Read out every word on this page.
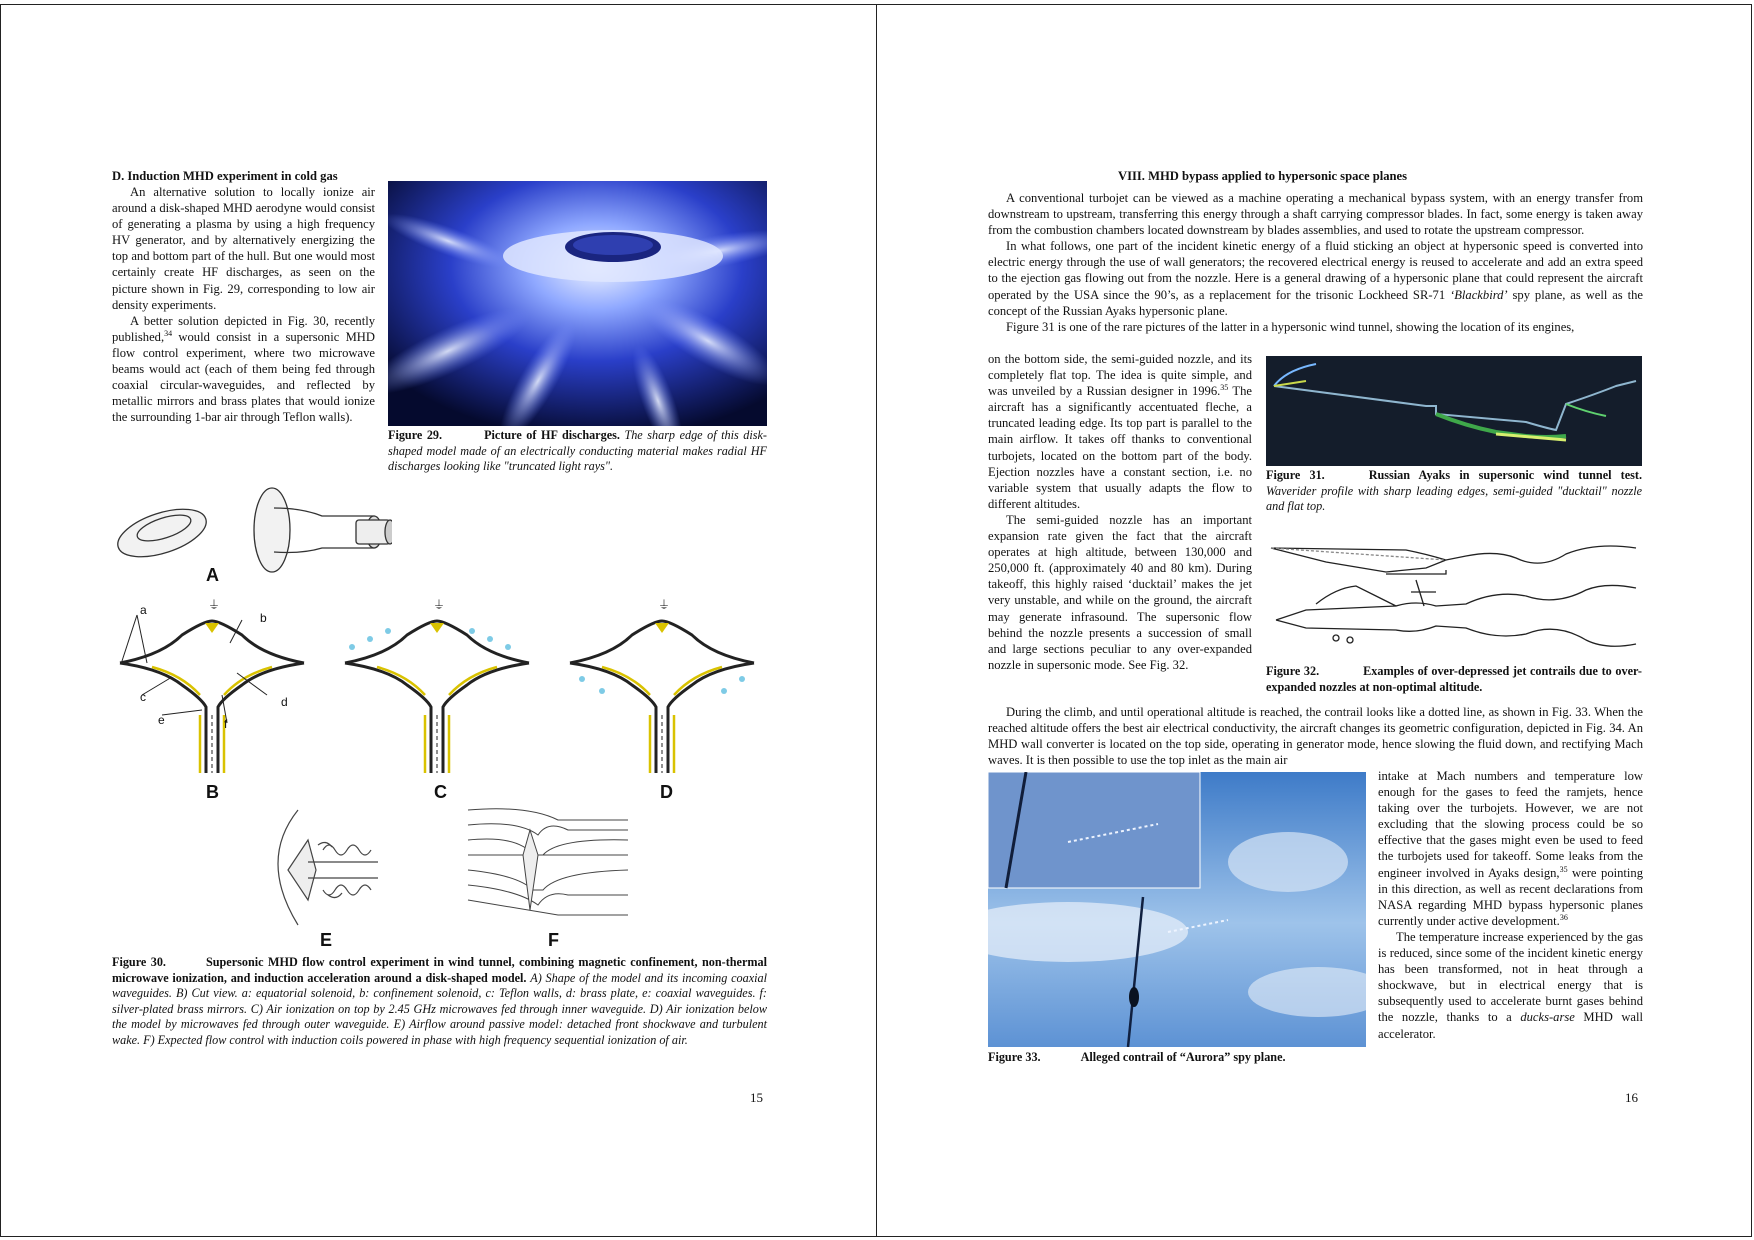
D. Induction MHD experiment in cold gas

An alternative solution to locally ionize air around a disk-shaped MHD aerodyne would consist of generating a plasma by using a high frequency HV generator, and by alternatively energizing the top and bottom part of the hull. But one would most certainly create HF discharges, as seen on the picture shown in Fig. 29, corresponding to low air density experiments.

A better solution depicted in Fig. 30, recently published,$^{34}$ would consist in a supersonic MHD flow control experiment, where two microwave beams would act (each of them being fed through coaxial circular-waveguides, and reflected by metallic mirrors and brass plates that would ionize the surrounding 1-bar air through Teflon walls).

Figure 29.	Picture of HF discharges. The sharp edge of this disk-shaped model made of an electrically conducting material makes radial HF discharges looking like "truncated light rays".

A
⏚
a
b
c	d
e	f
B	C	D
E	F

Figure 30.	Supersonic MHD flow control experiment in wind tunnel, combining magnetic confinement, non-thermal microwave ionization, and induction acceleration around a disk-shaped model. A) Shape of the model and its incoming coaxial waveguides. B) Cut view. a: equatorial solenoid, b: confinement solenoid, c: Teflon walls, d: brass plate, e: coaxial waveguides. f: silver-plated brass mirrors. C) Air ionization on top by 2.45 GHz microwaves fed through inner waveguide. D) Air ionization below the model by microwaves fed through outer waveguide. E) Airflow around passive model: detached front shockwave and turbulent wake. F) Expected flow control with induction coils powered in phase with high frequency sequential ionization of air.

15
VIII. MHD bypass applied to hypersonic space planes

A conventional turbojet can be viewed as a machine operating a mechanical bypass system, with an energy transfer from downstream to upstream, transferring this energy through a shaft carrying compressor blades. In fact, some energy is taken away from the combustion chambers located downstream by blades assemblies, and used to rotate the upstream compressor.

In what follows, one part of the incident kinetic energy of a fluid sticking an object at hypersonic speed is converted into electric energy through the use of wall generators; the recovered electrical energy is reused to accelerate and add an extra speed to the ejection gas flowing out from the nozzle. Here is a general drawing of a hypersonic plane that could represent the aircraft operated by the USA since the 90’s, as a replacement for the trisonic Lockheed SR-71 ‘Blackbird’ spy plane, as well as the concept of the Russian Ayaks hypersonic plane.

Figure 31 is one of the rare pictures of the latter in a hypersonic wind tunnel, showing the location of its engines,

on the bottom side, the semi-guided nozzle, and its completely flat top. The idea is quite simple, and was unveiled by a Russian designer in 1996.35 The aircraft has a significantly accentuated fleche, a truncated leading edge. Its top part is parallel to the main airflow. It takes off thanks to conventional turbojets, located on the bottom part of the body. Ejection nozzles have a constant section, i.e. no variable system that usually adapts the flow to different altitudes.

The semi-guided nozzle has an important expansion rate given the fact that the aircraft operates at high altitude, between 130,000 and 250,000 ft. (approximately 40 and 80 km). During takeoff, this highly raised ‘ducktail’ makes the jet very unstable, and while on the ground, the aircraft may generate infrasound. The supersonic flow behind the nozzle presents a succession of small and large sections peculiar to any over-expanded nozzle in supersonic mode. See Fig. 32.

Figure 31.	Russian Ayaks in supersonic wind tunnel test. Waverider profile with sharp leading edges, semi-guided "ducktail" nozzle and flat top.

Figure 32.	Examples of over-depressed jet contrails due to over-expanded nozzles at non-optimal altitude.

During the climb, and until operational altitude is reached, the contrail looks like a dotted line, as shown in Fig. 33. When the reached altitude offers the best air electrical conductivity, the aircraft changes its geometric configuration, depicted in Fig. 34. An MHD wall converter is located on the top side, operating in generator mode, hence slowing the fluid down, and rectifying Mach waves. It is then possible to use the top inlet as the main air

Figure 33.	Alleged contrail of “Aurora” spy plane.

intake at Mach numbers and temperature low enough for the gases to feed the ramjets, hence taking over the turbojets. However, we are not excluding that the slowing process could be so effective that the gases might even be used to feed the turbojets used for takeoff. Some leaks from the engineer involved in Ayaks design,$^{35}$ were pointing in this direction, as well as recent declarations from NASA regarding MHD bypass hypersonic planes currently under active development.$^{36}$

The temperature increase experienced by the gas is reduced, since some of the incident kinetic energy has been transformed, not in heat through a shockwave, but in electrical energy that is subsequently used to accelerate burnt gases behind the nozzle, thanks to a ducks-arse MHD wall accelerator.

16
